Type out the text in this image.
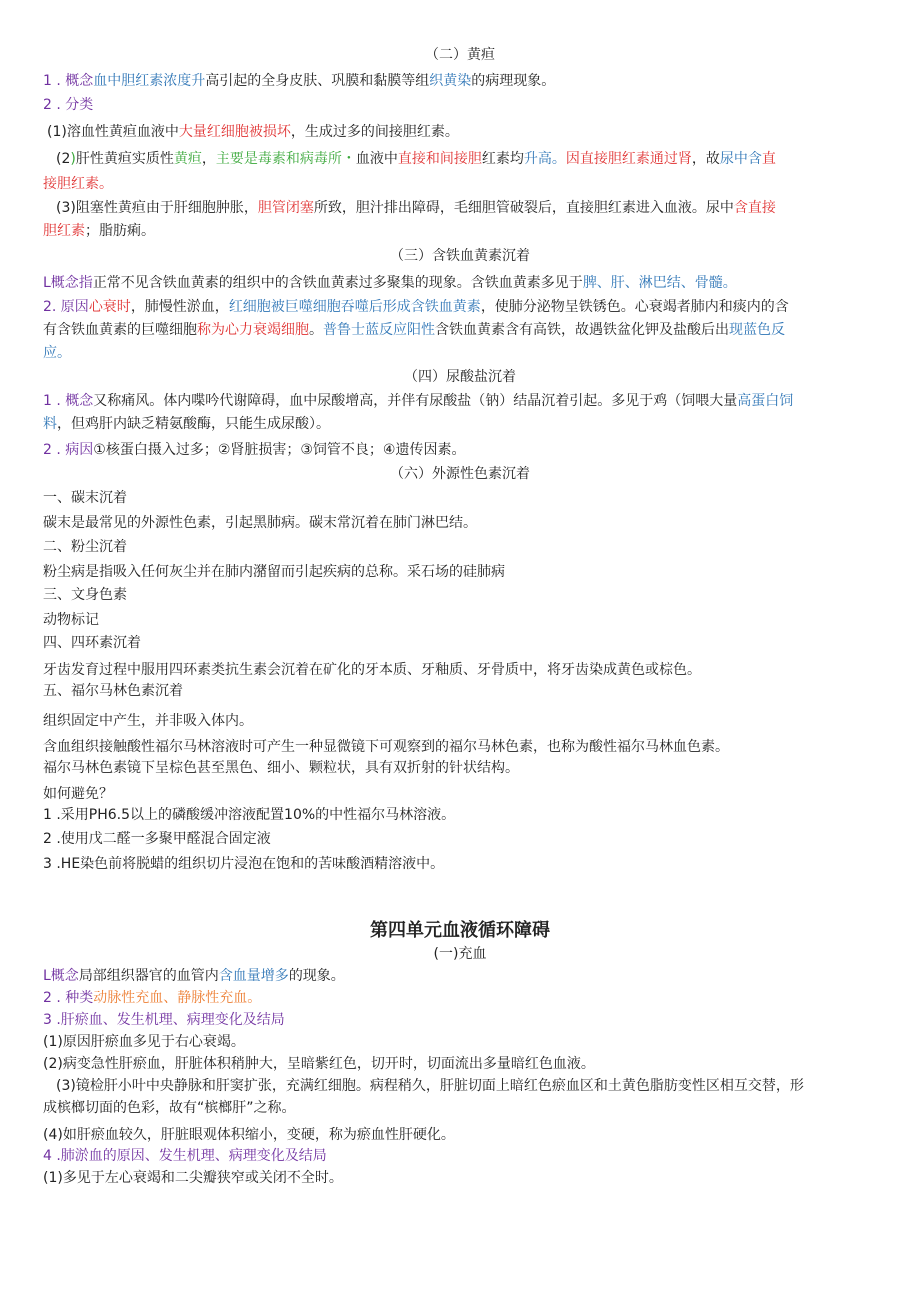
（二）黄疸
1 . 概念血中胆红素浓度升高引起的全身皮肤、巩膜和黏膜等组织黄染的病理现象。
2 . 分类
(1)溶血性黄疸血液中大量红细胞被损坏，生成过多的间接胆红素。
(2)肝性黄疸实质性黄疸，主要是毒素和病毒所・血液中直接和间接胆红素均升高。因直接胆红素通过肾，故尿中含直
接胆红素。
(3)阻塞性黄疸由于肝细胞肿胀，胆管闭塞所致，胆汁排出障碍，毛细胆管破裂后，直接胆红素进入血液。尿中含直接
胆红素；脂肪痢。
（三）含铁血黄素沉着
L概念指正常不见含铁血黄素的组织中的含铁血黄素过多聚集的现象。含铁血黄素多见于脾、肝、淋巴结、骨髓。
2. 原因心衰时，肺慢性淤血，红细胞被巨噬细胞吞噬后形成含铁血黄素，使肺分泌物呈铁锈色。心衰竭者肺内和痰内的含
有含铁血黄素的巨噬细胞称为心力衰竭细胞。普鲁士蓝反应阳性含铁血黄素含有高铁，故遇铁盆化钾及盐酸后出现蓝色反
应。
（四）尿酸盐沉着
1 . 概念又称痛风。体内喋吟代谢障碍，血中尿酸增高，并伴有尿酸盐（钠）结晶沉着引起。多见于鸡（饲喂大量高蛋白饲
料，但鸡肝内缺乏精氨酸酶，只能生成尿酸）。
2 . 病因①核蛋白摄入过多；②肾脏损害；③饲管不良；④遗传因素。
（六）外源性色素沉着
一、碳末沉着
碳末是最常见的外源性色素，引起黑肺病。碳末常沉着在肺门淋巴结。
二、粉尘沉着
粉尘病是指吸入任何灰尘并在肺内潴留而引起疾病的总称。采石场的硅肺病
三、文身色素
动物标记
四、四环素沉着
牙齿发育过程中服用四环素类抗生素会沉着在矿化的牙本质、牙釉质、牙骨质中，将牙齿染成黄色或棕色。
五、福尔马林色素沉着
组织固定中产生，并非吸入体内。
含血组织接触酸性福尔马林溶液时可产生一种显微镜下可观察到的福尔马林色素，也称为酸性福尔马林血色素。
福尔马林色素镜下呈棕色甚至黑色、细小、颗粒状，具有双折射的针状结构。
如何避免？
1 .采用PH6.5以上的磷酸缓冲溶液配置10%的中性福尔马林溶液。
2 .使用戊二醛一多聚甲醛混合固定液
3 .HE染色前将脱蜡的组织切片浸泡在饱和的苦味酸酒精溶液中。
第四单元血液循环障碍
(一)充血
L概念局部组织器官的血管内含血量增多的现象。
2 . 种类动脉性充血、静脉性充血。
3 .肝瘀血、发生机理、病理变化及结局
(1)原因肝瘀血多见于右心衰竭。
(2)病变急性肝瘀血，肝脏体积稍肿大，呈暗紫红色，切开时，切面流出多量暗红色血液。
(3)镜检肝小叶中央静脉和肝窦扩张，充满红细胞。病程稍久，肝脏切面上暗红色瘀血区和土黄色脂肪变性区相互交替，形
成槟榔切面的色彩，故有“槟榔肝”之称。
(4)如肝瘀血较久，肝脏眼观体积缩小，变硬，称为瘀血性肝硬化。
4 .肺淤血的原因、发生机理、病理变化及结局
(1)多见于左心衰竭和二尖瓣狭窄或关闭不全时。
